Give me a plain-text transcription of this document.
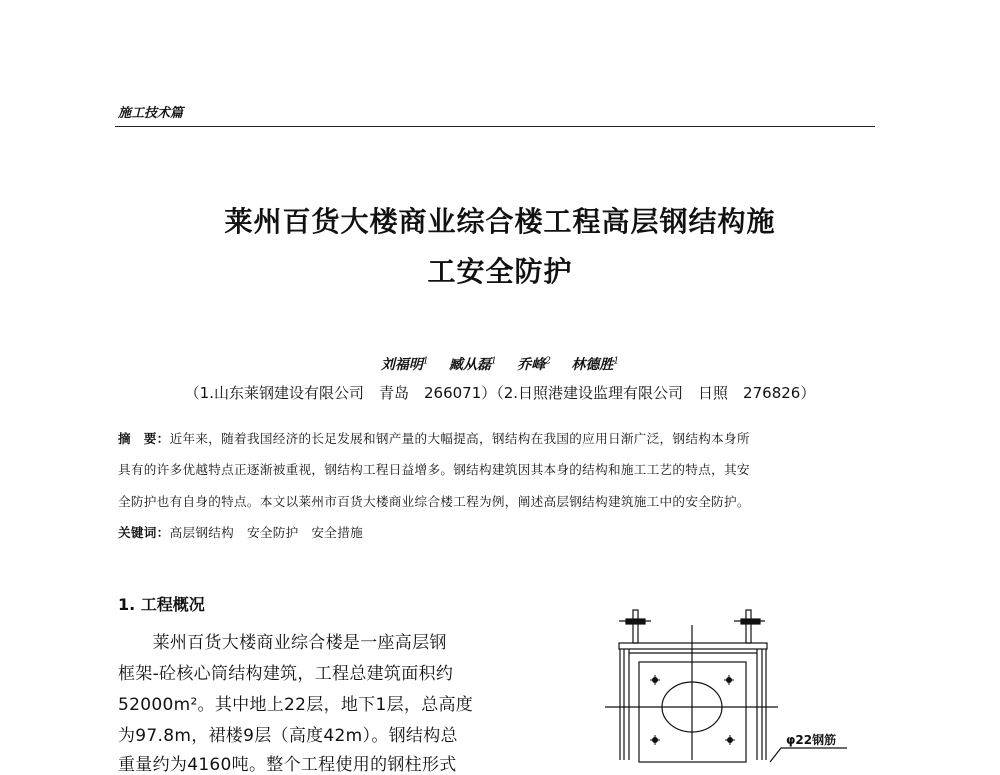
施工技术篇
莱州百货大楼商业综合楼工程高层钢结构施
工安全防护
刘福明$^1$ 臧从磊$^1$ 乔峰$^2$ 林德胜$^1$
（1.山东莱钢建设有限公司　青岛　266071）（2.日照港建设监理有限公司　日照　276826）
摘　要：近年来，随着我国经济的长足发展和钢产量的大幅提高，钢结构在我国的应用日渐广泛，钢结构本身所
具有的许多优越特点正逐渐被重视，钢结构工程日益增多。钢结构建筑因其本身的结构和施工工艺的特点，其安
全防护也有自身的特点。本文以莱州市百货大楼商业综合楼工程为例，阐述高层钢结构建筑施工中的安全防护。
关键词：高层钢结构　安全防护　安全措施
1. 工程概况
　　莱州百货大楼商业综合楼是一座高层钢
框架-砼核心筒结构建筑，工程总建筑面积约
52000m²。其中地上22层，地下1层，总高度
为97.8m，裙楼9层（高度42m）。钢结构总
重量约为4160吨。整个工程使用的钢柱形式
φ22钢筋
